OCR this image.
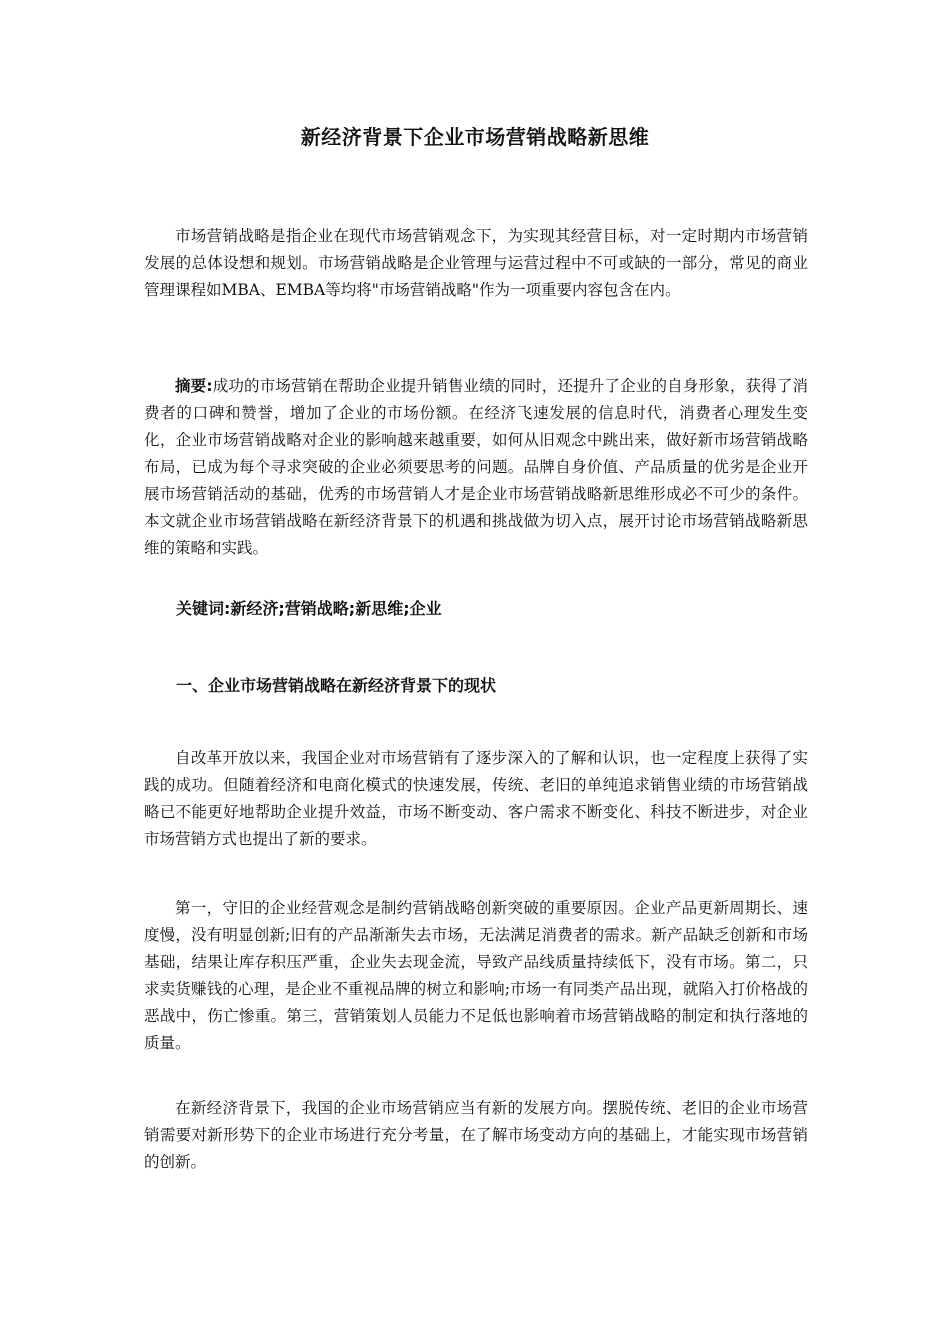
新经济背景下企业市场营销战略新思维

市场营销战略是指企业在现代市场营销观念下，为实现其经营目标，对一定时期内市场营销发展的总体设想和规划。市场营销战略是企业管理与运营过程中不可或缺的一部分，常见的商业管理课程如MBA、EMBA等均将"市场营销战略"作为一项重要内容包含在内。

摘要:成功的市场营销在帮助企业提升销售业绩的同时，还提升了企业的自身形象，获得了消费者的口碑和赞誉，增加了企业的市场份额。在经济飞速发展的信息时代，消费者心理发生变化，企业市场营销战略对企业的影响越来越重要，如何从旧观念中跳出来，做好新市场营销战略布局，已成为每个寻求突破的企业必须要思考的问题。品牌自身价值、产品质量的优劣是企业开展市场营销活动的基础，优秀的市场营销人才是企业市场营销战略新思维形成必不可少的条件。本文就企业市场营销战略在新经济背景下的机遇和挑战做为切入点，展开讨论市场营销战略新思维的策略和实践。

关键词:新经济;营销战略;新思维;企业

一、企业市场营销战略在新经济背景下的现状

自改革开放以来，我国企业对市场营销有了逐步深入的了解和认识，也一定程度上获得了实践的成功。但随着经济和电商化模式的快速发展，传统、老旧的单纯追求销售业绩的市场营销战略已不能更好地帮助企业提升效益，市场不断变动、客户需求不断变化、科技不断进步，对企业市场营销方式也提出了新的要求。

第一，守旧的企业经营观念是制约营销战略创新突破的重要原因。企业产品更新周期长、速度慢，没有明显创新;旧有的产品渐渐失去市场，无法满足消费者的需求。新产品缺乏创新和市场基础，结果让库存积压严重，企业失去现金流，导致产品线质量持续低下，没有市场。第二，只求卖货赚钱的心理，是企业不重视品牌的树立和影响;市场一有同类产品出现，就陷入打价格战的恶战中，伤亡惨重。第三，营销策划人员能力不足低也影响着市场营销战略的制定和执行落地的质量。

在新经济背景下，我国的企业市场营销应当有新的发展方向。摆脱传统、老旧的企业市场营销需要对新形势下的企业市场进行充分考量，在了解市场变动方向的基础上，才能实现市场营销的创新。
